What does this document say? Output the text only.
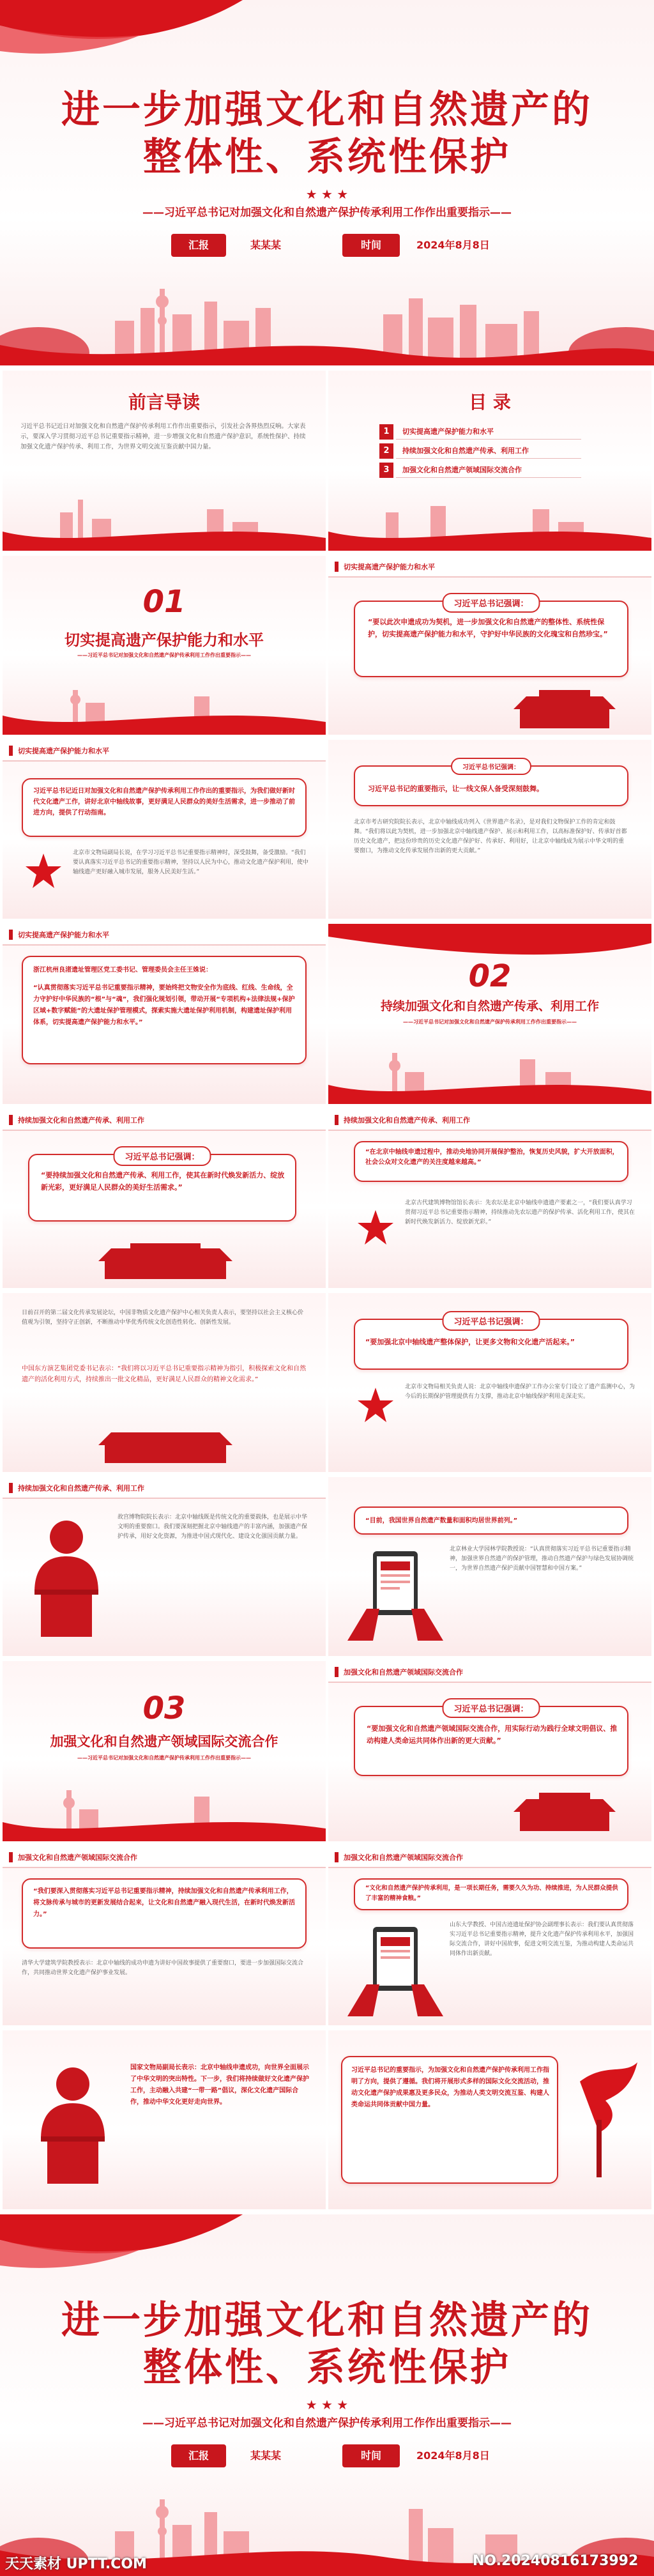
进一步加强文化和自然遗产的
整体性、系统性保护
★ ★ ★
——习近平总书记对加强文化和自然遗产保护传承利用工作作出重要指示——
汇报	某某某	时间	2024年8月8日
前言导读
习近平总书记近日对加强文化和自然遗产保护传承利用工作作出重要指示，引发社会各界热烈反响。大家表示，要深入学习贯彻习近平总书记重要指示精神，进一步增强文化和自然遗产保护意识，系统性保护、持续加强文化遗产保护传承、利用工作，为世界文明交流互鉴贡献中国力量。
目 录
1	切实提高遗产保护能力和水平
2	持续加强文化和自然遗产传承、利用工作
3	加强文化和自然遗产领域国际交流合作
01
切实提高遗产保护能力和水平
——习近平总书记对加强文化和自然遗产保护传承利用工作作出重要指示——
切实提高遗产保护能力和水平
习近平总书记强调：

“要以此次申遗成功为契机，进一步加强文化和自然遗产的整体性、系统性保护，切实提高遗产保护能力和水平，守护好中华民族的文化瑰宝和自然珍宝。”

切实提高遗产保护能力和水平

习近平总书记近日对加强文化和自然遗产保护传承利用工作作出的重要指示，为我们做好新时代文化遗产工作，讲好北京中轴线故事，更好满足人民群众的美好生活需求，进一步推动了前进方向，提供了行动指南。

北京市文物局副局长说，在学习习近平总书记重要指示精神时，深受鼓舞，备受激励。“我们要认真落实习近平总书记的重要指示精神，坚持以人民为中心，推动文化遗产保护利用，使中轴线遗产更好融入城市发展，服务人民美好生活。”
习近平总书记强调：

习近平总书记的重要指示，让一线文保人备受深刻鼓舞。

北京市考古研究院院长表示，北京中轴线成功列入《世界遗产名录》，是对我们文物保护工作的肯定和鼓舞。“我们将以此为契机，进一步加强北京中轴线遗产保护、展示和利用工作，以高标准保护好、传承好首都历史文化遗产，把这份珍贵的历史文化遗产保护好、传承好、利用好，让北京中轴线成为展示中华文明的重要窗口，为推动文化传承发展作出新的更大贡献。”
切实提高遗产保护能力和水平

浙江杭州良渚遗址管理区党工委书记、管理委员会主任王姝说：

“认真贯彻落实习近平总书记重要指示精神，要始终把文物安全作为底线、红线、生命线，全力守护好中华民族的“根”与“魂”，我们强化规划引领，带动开展“专项机构+法律法规+保护区域+数字赋能”的大遗址保护管理模式，探索实施大遗址保护利用机制，构建遗址保护利用体系，切实提高遗产保护能力和水平。”

02
持续加强文化和自然遗产传承、利用工作
——习近平总书记对加强文化和自然遗产保护传承利用工作作出重要指示——
持续加强文化和自然遗产传承、利用工作
习近平总书记强调：

“要持续加强文化和自然遗产传承、利用工作，使其在新时代焕发新活力、绽放新光彩，更好满足人民群众的美好生活需求。”

持续加强文化和自然遗产传承、利用工作

“在北京中轴线申遗过程中，推动央地协同开展保护整治，恢复历史风貌，扩大开放面积，社会公众对文化遗产的关注度越来越高。”

北京古代建筑博物馆馆长表示：先农坛是北京中轴线申遗遗产要素之一，“我们要认真学习贯彻习近平总书记重要指示精神，持续推动先农坛遗产的保护传承、活化利用工作，使其在新时代焕发新活力、绽放新光彩。”
日前召开的第二届文化传承发展论坛，中国非物质文化遗产保护中心相关负责人表示，要坚持以社会主义核心价值观为引领，坚持守正创新，不断推动中华优秀传统文化创造性转化、创新性发展。
中国东方演艺集团党委书记表示：“我们将以习近平总书记重要指示精神为指引，积极探索文化和自然遗产的活化利用方式，持续推出一批文化精品，更好满足人民群众的精神文化需求。”
习近平总书记强调：

“要加强北京中轴线遗产整体保护，让更多文物和文化遗产活起来。”

北京市文物局相关负责人说：北京中轴线申遗保护工作办公室专门设立了遗产监测中心，为今后的长期保护管理提供有力支撑，推动北京中轴线保护利用走深走实。
持续加强文化和自然遗产传承、利用工作
故宫博物院院长表示：北京中轴线既是传统文化的重要载体，也是展示中华文明的重要窗口。我们要深刻把握北京中轴线遗产的丰富内涵，加强遗产保护传承，用好文化资源，为推进中国式现代化、建设文化强国贡献力量。

“目前，我国世界自然遗产数量和面积均居世界前列。”

北京林业大学园林学院教授说：“认真贯彻落实习近平总书记重要指示精神，加强世界自然遗产的保护管理，推动自然遗产保护与绿色发展协调统一，为世界自然遗产保护贡献中国智慧和中国方案。”
03
加强文化和自然遗产领域国际交流合作
——习近平总书记对加强文化和自然遗产保护传承利用工作作出重要指示——
加强文化和自然遗产领域国际交流合作
习近平总书记强调：

“要加强文化和自然遗产领域国际交流合作，用实际行动为践行全球文明倡议、推动构建人类命运共同体作出新的更大贡献。”

加强文化和自然遗产领域国际交流合作

“我们要深入贯彻落实习近平总书记重要指示精神，持续加强文化和自然遗产传承利用工作，将文脉传承与城市的更新发展结合起来，让文化和自然遗产融入现代生活，在新时代焕发新活力。”

清华大学建筑学院教授表示：北京中轴线的成功申遗为讲好中国故事提供了重要窗口，要进一步加强国际交流合作，共同推动世界文化遗产保护事业发展。
加强文化和自然遗产领域国际交流合作

“文化和自然遗产保护传承利用，是一项长期任务，需要久久为功、持续推进，为人民群众提供了丰富的精神食粮。”

山东大学教授、中国古迹遗址保护协会副理事长表示：我们要认真贯彻落实习近平总书记重要指示精神，提升文化遗产保护传承利用水平，加强国际交流合作，讲好中国故事，促进文明交流互鉴，为推动构建人类命运共同体作出新贡献。
国家文物局副局长表示：北京中轴线申遗成功，向世界全面展示了中华文明的突出特性。下一步，我们将持续做好文化遗产保护工作，主动融入共建“一带一路”倡议，深化文化遗产国际合作，推动中华文化更好走向世界。

习近平总书记的重要指示，为加强文化和自然遗产保护传承利用工作指明了方向，提供了遵循。我们将开展形式多样的国际文化交流活动，推动文化遗产保护成果惠及更多民众，为推动人类文明交流互鉴、构建人类命运共同体贡献中国力量。

进一步加强文化和自然遗产的
整体性、系统性保护
★ ★ ★
——习近平总书记对加强文化和自然遗产保护传承利用工作作出重要指示——
汇报	某某某	时间	2024年8月8日
天天素材 UPTT.COM	NO.20240816173992
